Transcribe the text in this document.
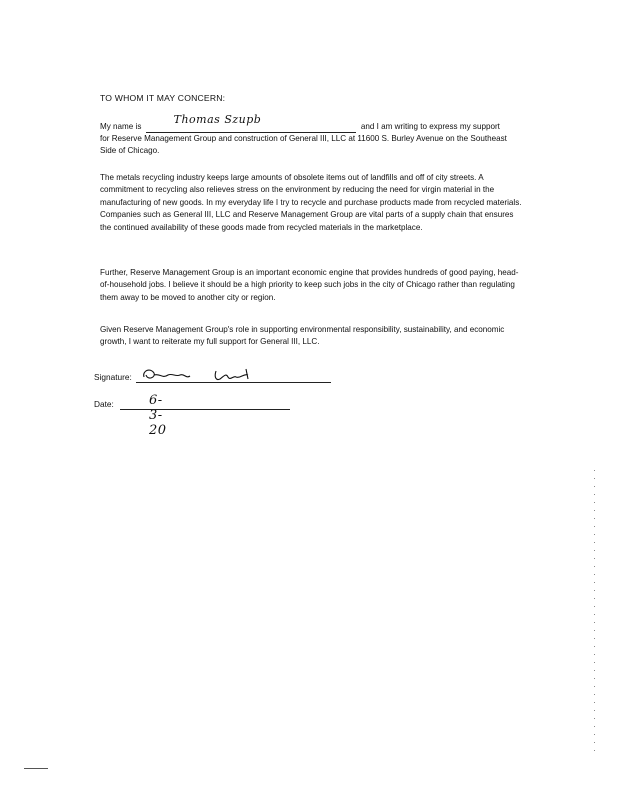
TO WHOM IT MAY CONCERN:

My name is
Thomas Szupb
and I am writing to express my support
for Reserve Management Group and construction of General III, LLC at 11600 S. Burley Avenue on the Southeast Side of Chicago.

The metals recycling industry keeps large amounts of obsolete items out of landfills and off of city streets. A commitment to recycling also relieves stress on the environment by reducing the need for virgin material in the manufacturing of new goods. In my everyday life I try to recycle and purchase products made from recycled materials. Companies such as General III, LLC and Reserve Management Group are vital parts of a supply chain that ensures the continued availability of these goods made from recycled materials in the marketplace.

Further, Reserve Management Group is an important economic engine that provides hundreds of good paying, head-of-household jobs. I believe it should be a high priority to keep such jobs in the city of Chicago rather than regulating them away to be moved to another city or region.

Given Reserve Management Group's role in supporting environmental responsibility, sustainability, and economic growth, I want to reiterate my full support for General III, LLC.

Signature:
Date:	6-3-20
